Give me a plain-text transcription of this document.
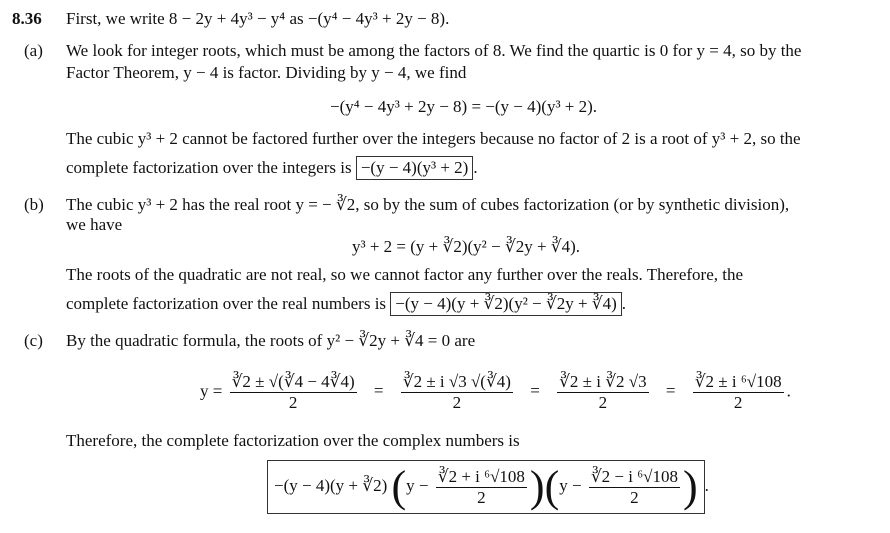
8.36 First, we write 8 − 2y + 4y³ − y⁴ as −(y⁴ − 4y³ + 2y − 8).
(a) We look for integer roots, which must be among the factors of 8. We find the quartic is 0 for y = 4, so by the
Factor Theorem, y − 4 is factor. Dividing by y − 4, we find
−(y⁴ − 4y³ + 2y − 8) = −(y − 4)(y³ + 2).
The cubic y³ + 2 cannot be factored further over the integers because no factor of 2 is a root of y³ + 2, so the
complete factorization over the integers is −(y − 4)(y³ + 2) .
(b) The cubic y³ + 2 has the real root y = − ∛2, so by the sum of cubes factorization (or by synthetic division),
we have
y³ + 2 = (y + ∛2)(y² − ∛2y + ∛4).
The roots of the quadratic are not real, so we cannot factor any further over the reals. Therefore, the
complete factorization over the real numbers is −(y − 4)(y + ∛2)(y² − ∛2y + ∛4) .
(c) By the quadratic formula, the roots of y² − ∛2y + ∛4 = 0 are
$y = \frac{∛2 \pm √(∛4 - 4∛4)}{2} = \frac{∛2 \pm i √3 √(∛4)}{2} = \frac{∛2 \pm i ∛2 √3}{2} = \frac{\text{∛2 ± i ⁶√108}}{2}$ .
Therefore, the complete factorization over the complex numbers is
−(y − 4)(y + ∛2) $(y - \frac{\text{∛2 + i ⁶√108}}{2} )(y - \frac{\text{∛2 − i ⁶√108}}{2}$ ) .
